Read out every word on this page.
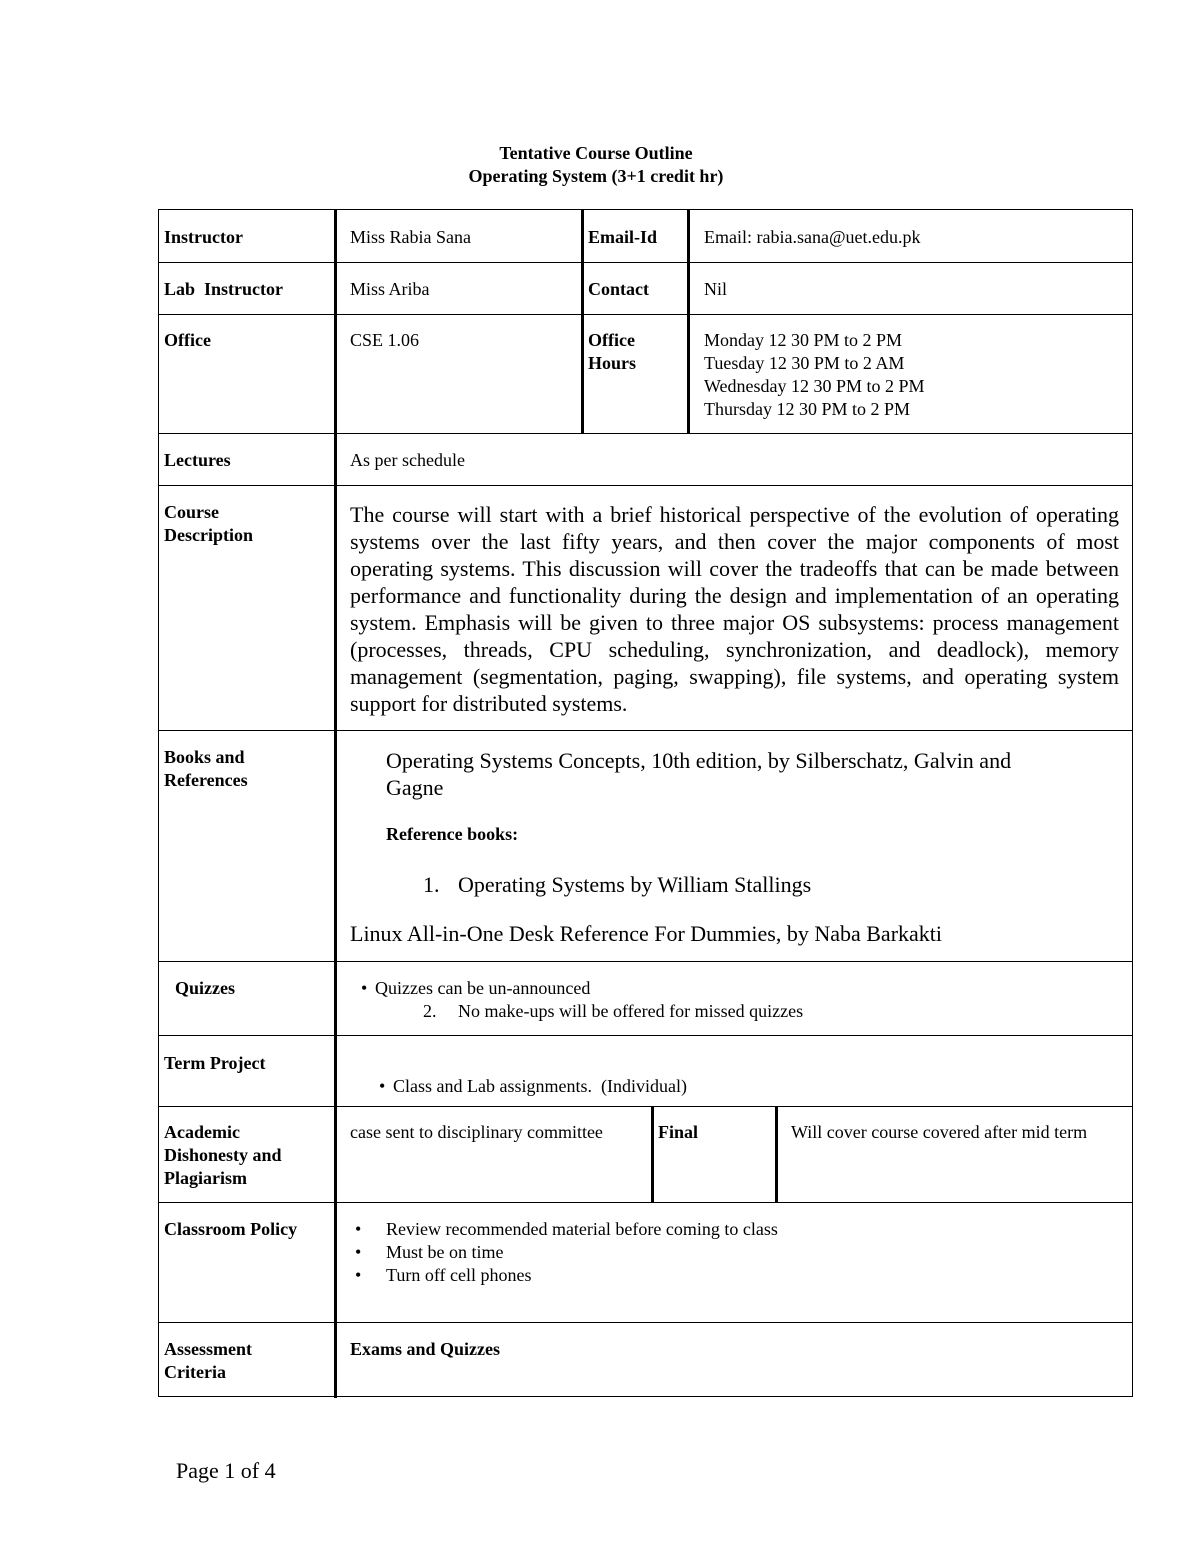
Tentative Course Outline
Operating System (3+1 credit hr)
Instructor	Miss Rabia Sana	Email-Id	Email: rabia.sana@uet.edu.pk
Lab  Instructor	Miss Ariba	Contact	Nil
Office	CSE 1.06	Office
Hours
Monday 12 30 PM to 2 PM
Tuesday 12 30 PM to 2 AM
Wednesday 12 30 PM to 2 PM
Thursday 12 30 PM to 2 PM
Lectures	As per schedule
Course
Description
The course will start with a brief historical perspective of the evolution of operating systems over the last fifty years, and then cover the major components of most operating systems. This discussion will cover the tradeoffs that can be made between performance and functionality during the design and implementation of an operating system. Emphasis will be given to three major OS subsystems: process management (processes, threads, CPU scheduling, synchronization, and deadlock), memory management (segmentation, paging, swapping), file systems, and operating system support for distributed systems.
Books and
References
Operating Systems Concepts, 10th edition, by Silberschatz, Galvin and
Gagne
Reference books:
1. Operating Systems by William Stallings
Linux All-in-One Desk Reference For Dummies, by Naba Barkakti
Quizzes
•	Quizzes can be un-announced
2. No make-ups will be offered for missed quizzes
Term Project

• Class and Lab assignments.  (Individual)

Academic
Dishonesty and
Plagiarism
case sent to disciplinary committee	Final	Will cover course covered after mid term
Classroom Policy	• Review recommended material before coming to class
• Must be on time
• Turn off cell phones
Assessment
Criteria
Exams and Quizzes
Page 1 of 4
